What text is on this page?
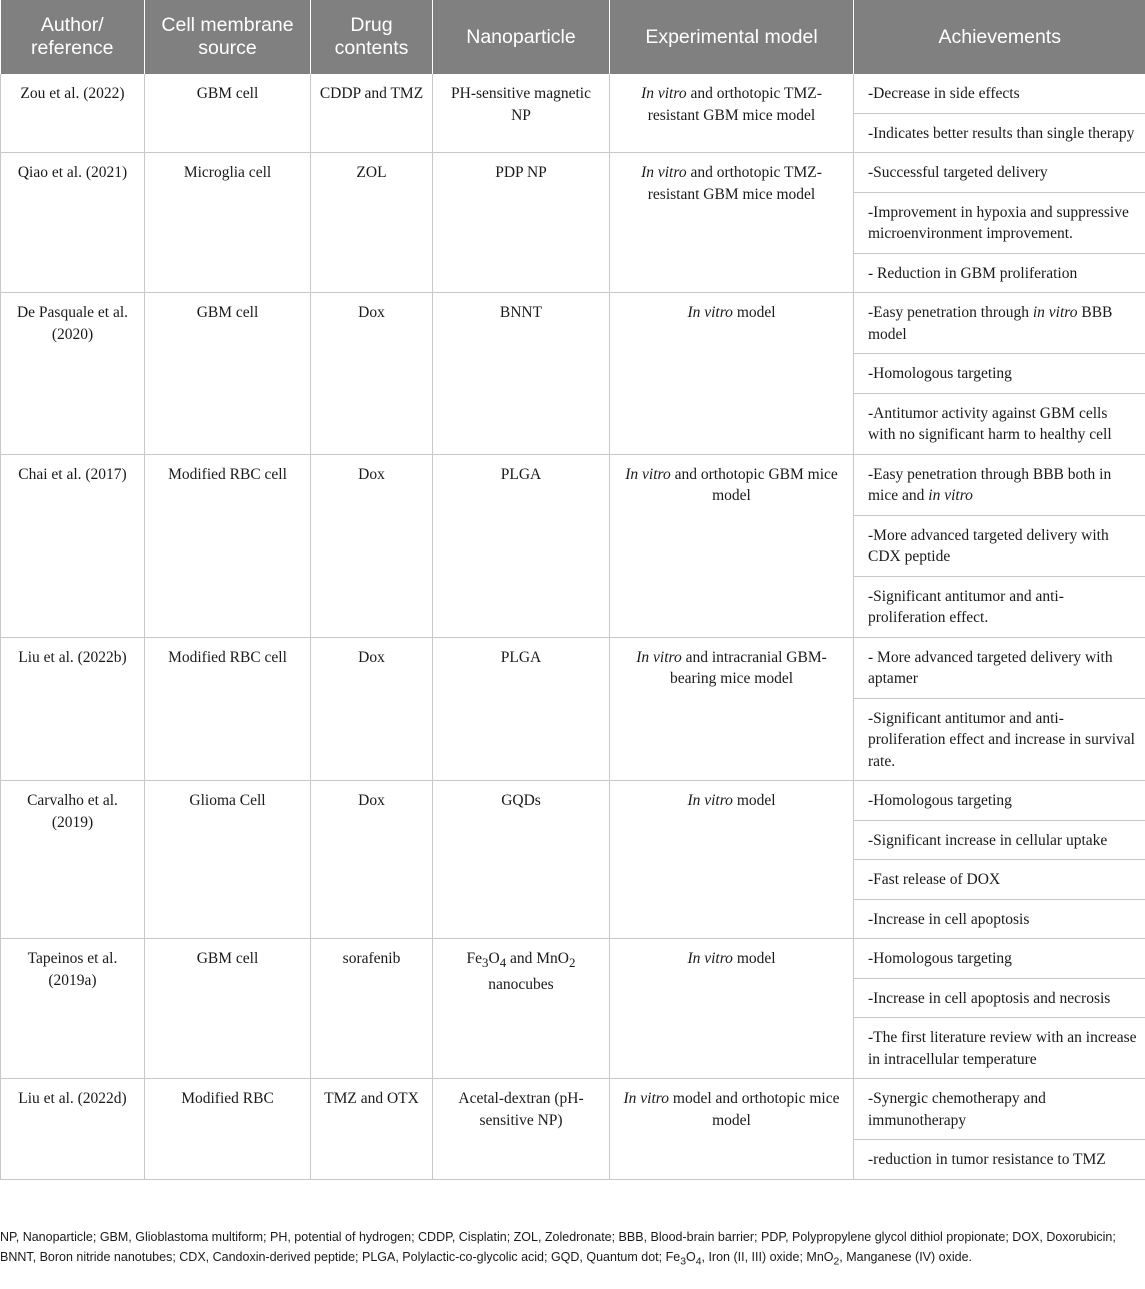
Author/ reference	Cell membrane source	Drug contents	Nanoparticle	Experimental model	Achievements
Zou et al. (2022)	GBM cell	CDDP and TMZ	PH-sensitive magnetic NP	In vitro and orthotopic TMZ-resistant GBM mice model	-Decrease in side effects
-Indicates better results than single therapy

Qiao et al. (2021)	Microglia cell	ZOL	PDP NP	In vitro and orthotopic TMZ-resistant GBM mice model	-Successful targeted delivery
-Improvement in hypoxia and suppressive microenvironment improvement.
- Reduction in GBM proliferation

De Pasquale et al. (2020)	GBM cell	Dox	BNNT	In vitro model	-Easy penetration through in vitro BBB model
-Homologous targeting
-Antitumor activity against GBM cells with no significant harm to healthy cell

Chai et al. (2017)	Modified RBC cell	Dox	PLGA	In vitro and orthotopic GBM mice model	-Easy penetration through BBB both in mice and in vitro
-More advanced targeted delivery with CDX peptide
-Significant antitumor and anti-proliferation effect.

Liu et al. (2022b)	Modified RBC cell	Dox	PLGA	In vitro and intracranial GBM-bearing mice model	- More advanced targeted delivery with aptamer
-Significant antitumor and anti-proliferation effect and increase in survival rate.

Carvalho et al. (2019)	Glioma Cell	Dox	GQDs	In vitro model	-Homologous targeting
-Significant increase in cellular uptake
-Fast release of DOX
-Increase in cell apoptosis

Tapeinos et al. (2019a)	GBM cell	sorafenib	$Fe_3O_4$ and MnO$_2$ nanocubes	In vitro model	-Homologous targeting
-Increase in cell apoptosis and necrosis
-The first literature review with an increase in intracellular temperature

Liu et al. (2022d)	Modified RBC	TMZ and OTX	Acetal-dextran (pH-sensitive NP)	In vitro model and orthotopic mice model	-Synergic chemotherapy and immunotherapy
-reduction in tumor resistance to TMZ
NP, Nanoparticle; GBM, Glioblastoma multiform; PH, potential of hydrogen; CDDP, Cisplatin; ZOL, Zoledronate; BBB, Blood-brain barrier; PDP, Polypropylene glycol dithiol propionate; DOX, Doxorubicin; BNNT, Boron nitride nanotubes; CDX, Candoxin-derived peptide; PLGA, Polylactic-co-glycolic acid; GQD, Quantum dot; $Fe_3O_4$, Iron (II, III) oxide; MnO$_2$, Manganese (IV) oxide.
